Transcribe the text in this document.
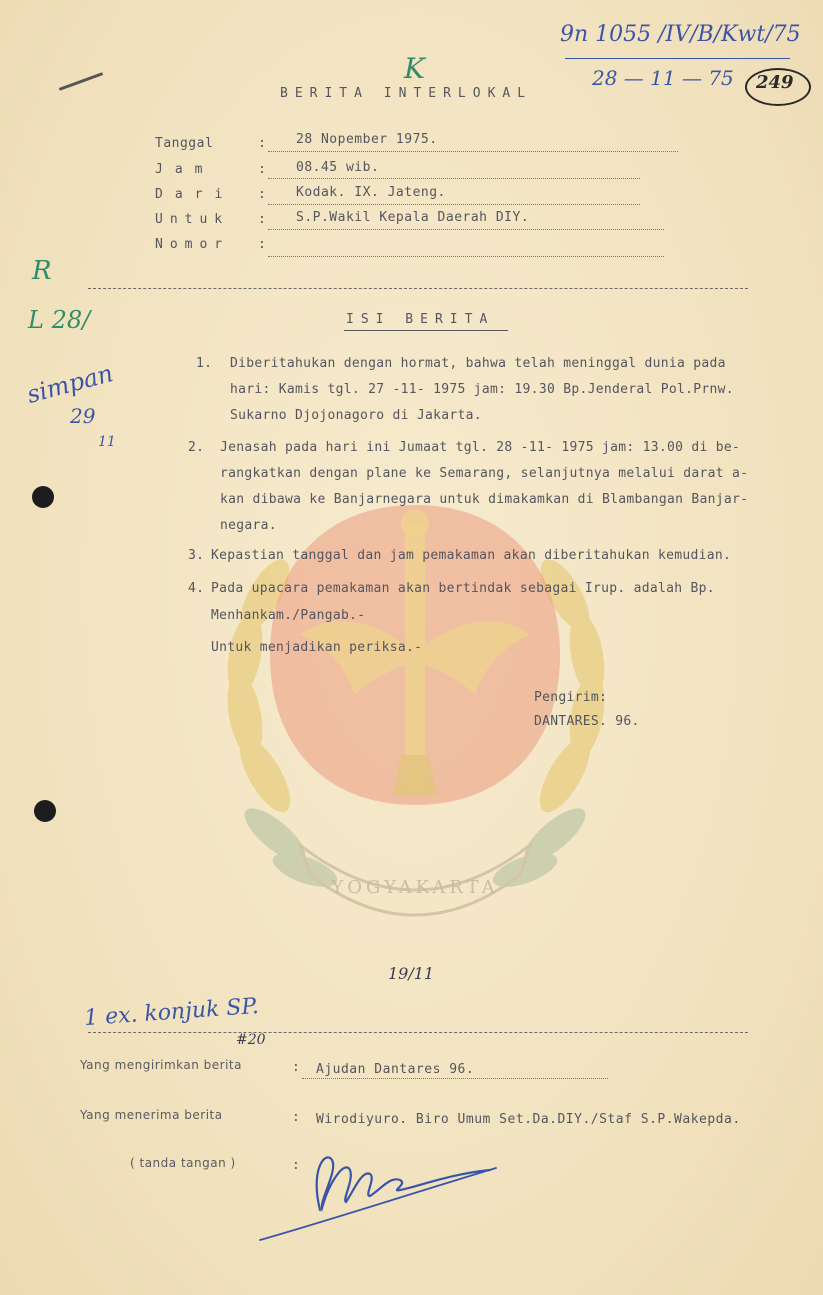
YOGYAKARTA
9n 1055 /IV/B/Kwt/75
28 — 11 — 75 249
K
BERITA INTERLOKAL
Tanggal	: 28 Nopember 1975.
Jam	: 08.45 wib.
Dari : Kodak. IX. Jateng.
Untuk : S.P.Wakil Kepala Daerah DIY.
Nomor :
R
L 28/
simpan
29
11
ISI BERITA
1. Diberitahukan dengan hormat, bahwa telah meninggal dunia pada
hari: Kamis tgl. 27 -11- 1975 jam: 19.30 Bp.Jenderal Pol.Prnw.
Sukarno Djojonagoro di Jakarta.
2. Jenasah pada hari ini Jumaat tgl. 28 -11- 1975 jam: 13.00 di be-
rangkatkan dengan plane ke Semarang, selanjutnya melalui darat a-
kan dibawa ke Banjarnegara untuk dimakamkan di Blambangan Banjar-
negara.
3. Kepastian tanggal dan jam pemakaman akan diberitahukan kemudian.
4. Pada upacara pemakaman akan bertindak sebagai Irup. adalah Bp.
Menhankam./Pangab.-
Untuk menjadikan periksa.-
Pengirim:
DANTARES. 96.
19/11
1 ex. konjuk SP.
#20
Yang mengirimkan berita	: Ajudan Dantares 96.
Yang menerima berita	: Wirodiyuro. Biro Umum Set.Da.DIY./Staf S.P.Wakepda.
( tanda tangan )	:
